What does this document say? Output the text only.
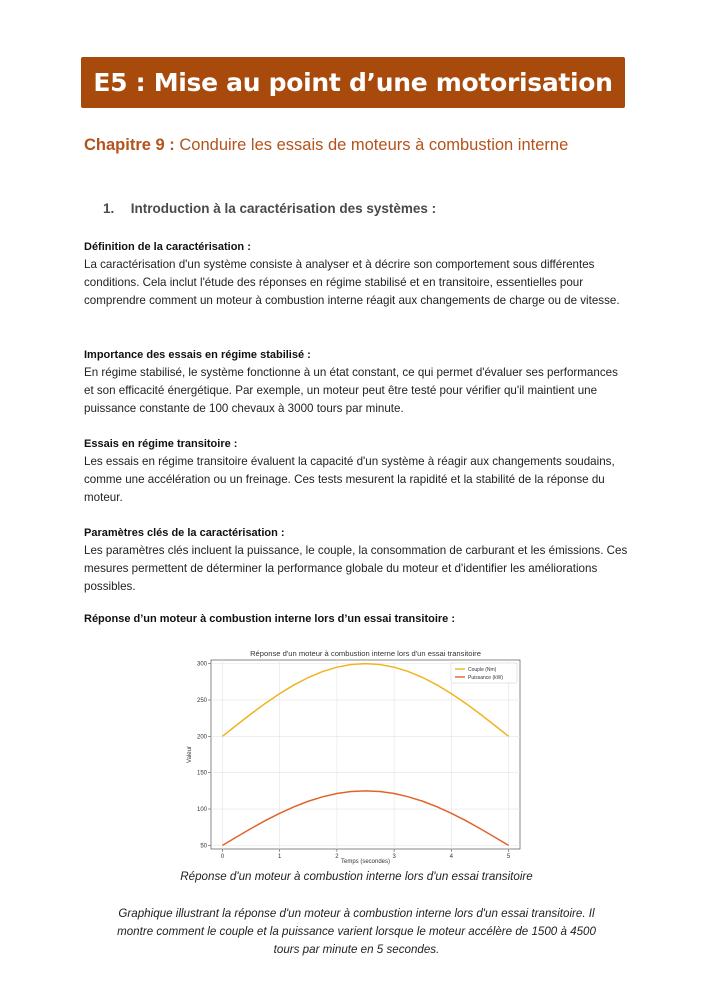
E5 : Mise au point d’une motorisation
Chapitre 9 : Conduire les essais de moteurs à combustion interne
1. Introduction à la caractérisation des systèmes :
Définition de la caractérisation :
La caractérisation d'un système consiste à analyser et à décrire son comportement sous différentes conditions. Cela inclut l'étude des réponses en régime stabilisé et en transitoire, essentielles pour comprendre comment un moteur à combustion interne réagit aux changements de charge ou de vitesse.
Importance des essais en régime stabilisé :
En régime stabilisé, le système fonctionne à un état constant, ce qui permet d'évaluer ses performances et son efficacité énergétique. Par exemple, un moteur peut être testé pour vérifier qu'il maintient une puissance constante de 100 chevaux à 3000 tours par minute.
Essais en régime transitoire :
Les essais en régime transitoire évaluent la capacité d'un système à réagir aux changements soudains, comme une accélération ou un freinage. Ces tests mesurent la rapidité et la stabilité de la réponse du moteur.
Paramètres clés de la caractérisation :
Les paramètres clés incluent la puissance, le couple, la consommation de carburant et les émissions. Ces mesures permettent de déterminer la performance globale du moteur et d'identifier les améliorations possibles.
Réponse d’un moteur à combustion interne lors d’un essai transitoire :
0	1	2	3	4	5
50
100
150
200
250
300
Réponse d'un moteur à combustion interne lors d'un essai transitoire
Temps (secondes)
Valeur
Couple (Nm)
Puissance (kW)
Réponse d'un moteur à combustion interne lors d'un essai transitoire
Graphique illustrant la réponse d'un moteur à combustion interne lors d'un essai transitoire. Il montre comment le couple et la puissance varient lorsque le moteur accélère de 1500 à 4500 tours par minute en 5 secondes.
